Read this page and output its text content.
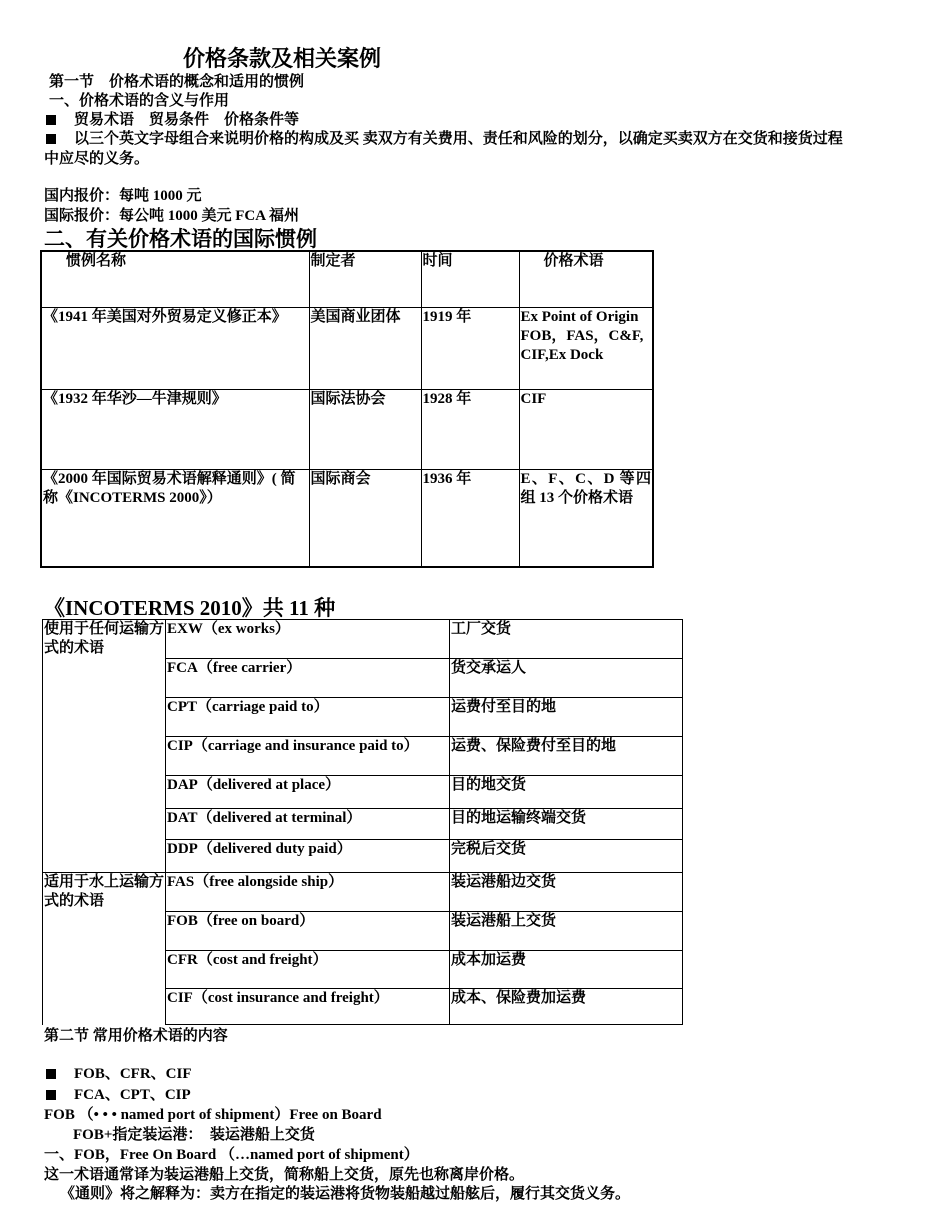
价格条款及相关案例
第一节　价格术语的概念和适用的惯例
一、价格术语的含义与作用
贸易术语　贸易条件　价格条件等
以三个英文字母组合来说明价格的构成及买 卖双方有关费用、责任和风险的划分，以确定买卖双方在交货和接货过程
中应尽的义务。
国内报价：每吨 1000 元
国际报价：每公吨 1000 美元 FCA 福州
二、有关价格术语的国际惯例
惯例名称	制定者	时间	价格术语
《1941 年美国对外贸易定义修正本》	美国商业团体	1919 年	Ex Point of Origin FOB，FAS，C&F, CIF,Ex Dock
《1932 年华沙—牛津规则》	国际法协会	1928 年	CIF
《2000 年国际贸易术语解释通则》( 简称《INCOTERMS 2000》）	国际商会	1936 年	E、F、C、D 等四组 13 个价格术语
《INCOTERMS 2010》共 11 种
使用于任何运输方式的术语	EXW（ex works）	工厂交货
	FCA（free carrier）	货交承运人
	CPT（carriage paid to）	运费付至目的地
	CIP（carriage and insurance paid to）	运费、保险费付至目的地
	DAP（delivered at place）	目的地交货
	DAT（delivered at terminal）	目的地运输终端交货
	DDP（delivered duty paid）	完税后交货
适用于水上运输方式的术语	FAS（free alongside ship）	装运港船边交货
	FOB（free on board）	装运港船上交货
	CFR（cost and freight）	成本加运费
	CIF（cost insurance and freight）	成本、保险费加运费
第二节 常用价格术语的内容
FOB、CFR、CIF
FCA、CPT、CIP
FOB （• • • named port of shipment）Free on Board
FOB+指定装运港：　装运港船上交货
一、FOB，Free On Board （…named port of shipment）
这一术语通常译为装运港船上交货，简称船上交货，原先也称离岸价格。
《通则》将之解释为：卖方在指定的装运港将货物装船越过船舷后，履行其交货义务。
